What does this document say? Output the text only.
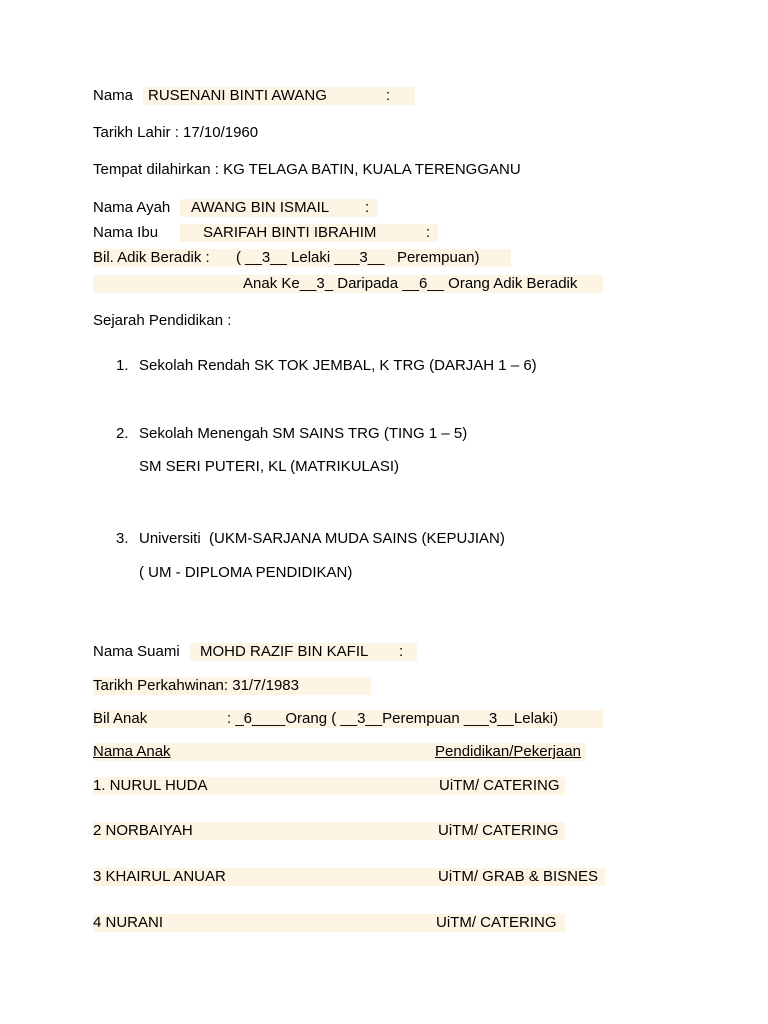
Nama RUSENANI BINTI AWANG	:
Tarikh Lahir : 17/10/1960
Tempat dilahirkan : KG TELAGA BATIN, KUALA TERENGGANU
Nama Ayah AWANG BIN ISMAIL :
Nama Ibu	SARIFAH BINTI IBRAHIM	:
Bil. Adik Beradik : ( __3__ Lelaki ___3__   Perempuan)
Anak Ke__3_ Daripada __6__ Orang Adik Beradik
Sejarah Pendidikan :
1. Sekolah Rendah SK TOK JEMBAL, K TRG (DARJAH 1 – 6)
2. Sekolah Menengah SM SAINS TRG (TING 1 – 5)
SM SERI PUTERI, KL (MATRIKULASI)
3. Universiti  (UKM-SARJANA MUDA SAINS (KEPUJIAN)
( UM - DIPLOMA PENDIDIKAN)
Nama Suami MOHD RAZIF BIN KAFIL :
Tarikh Perkahwinan: 31/7/1983
Bil Anak	: _6____Orang ( __3__Perempuan ___3__Lelaki)
Nama Anak	Pendidikan/Pekerjaan
1. NURUL HUDA	UiTM/ CATERING
2 NORBAIYAH	UiTM/ CATERING
3 KHAIRUL ANUAR	UiTM/ GRAB & BISNES
4 NURANI	UiTM/ CATERING
